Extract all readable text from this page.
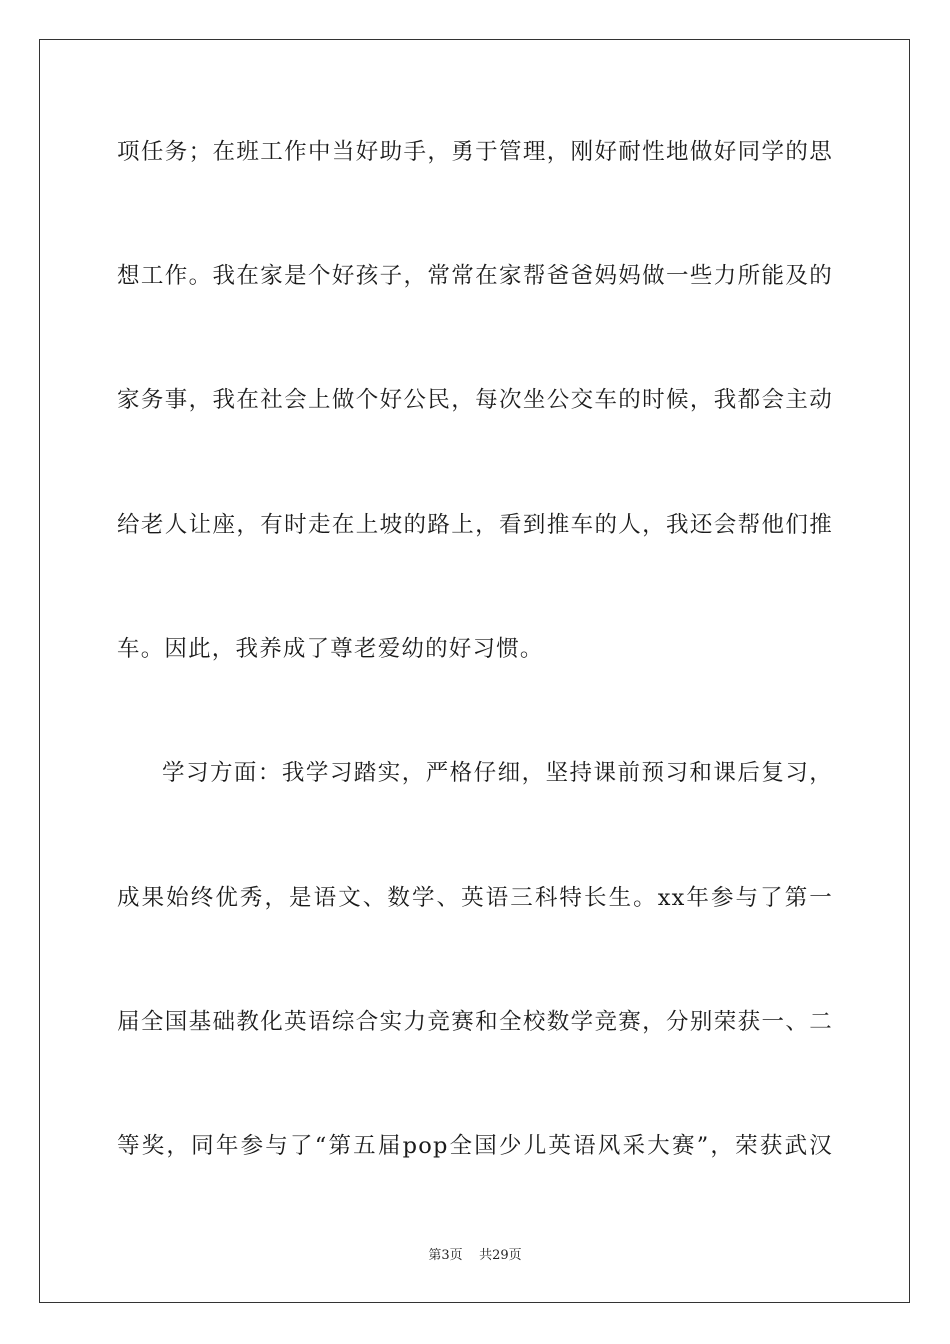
项任务；在班工作中当好助手，勇于管理，刚好耐性地做好同学的思
想工作。我在家是个好孩子，常常在家帮爸爸妈妈做一些力所能及的
家务事，我在社会上做个好公民，每次坐公交车的时候，我都会主动
给老人让座，有时走在上坡的路上，看到推车的人，我还会帮他们推
车。因此，我养成了尊老爱幼的好习惯。
学习方面：我学习踏实，严格仔细，坚持课前预习和课后复习，
成果始终优秀，是语文、数学、英语三科特长生。xx年参与了第一
届全国基础教化英语综合实力竞赛和全校数学竞赛，分别荣获一、二
等奖，同年参与了“第五届pop全国少儿英语风采大赛”，荣获武汉
第3页 共29页
